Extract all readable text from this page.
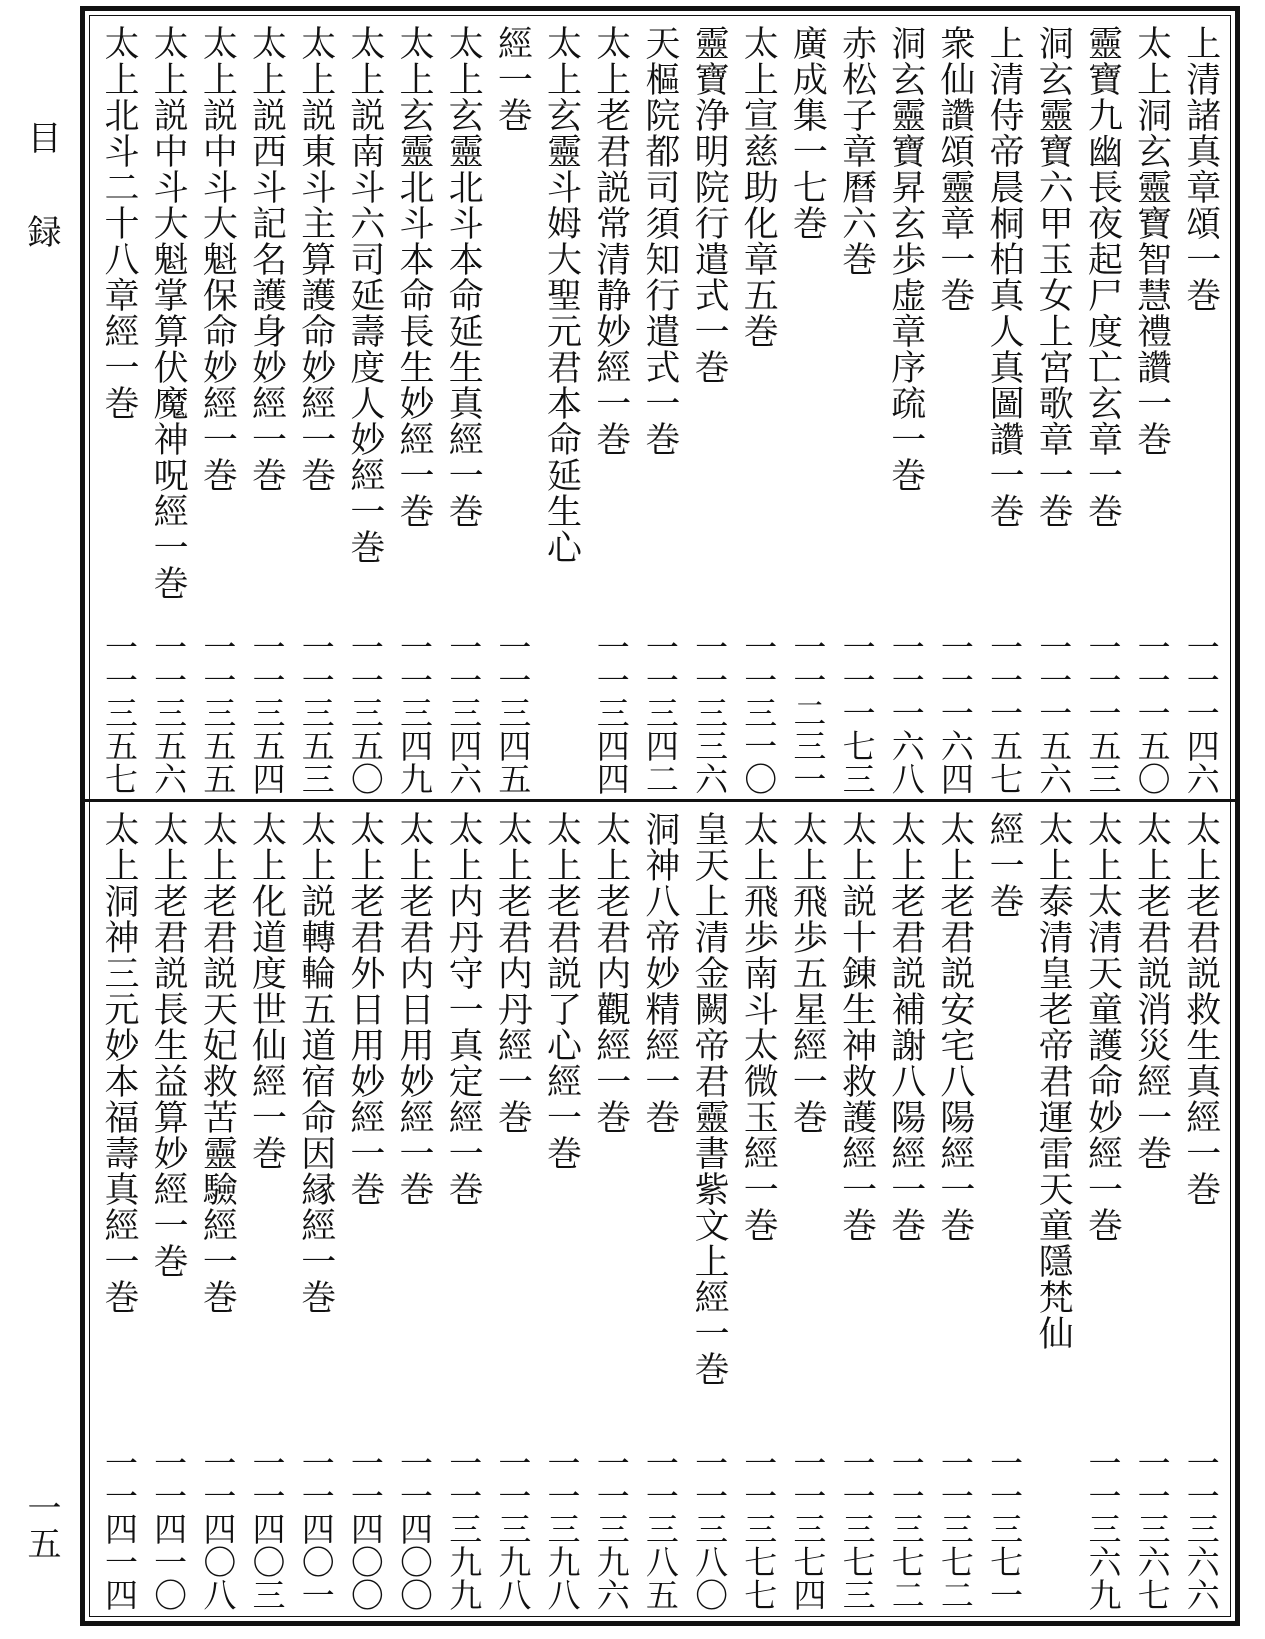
目録
一五
上清諸真章頌一巻
一一一四六
太上洞玄靈寶智慧禮讚一巻
一一一五〇
靈寶九幽長夜起尸度亡玄章一巻
一一一五三
洞玄靈寶六甲玉女上宮歌章一巻
一一一五六
上清侍帝晨桐柏真人真圖讚一巻
一一一五七
衆仙讚頌靈章一巻
一一一六四
洞玄靈寶昇玄歩虚章序疏一巻
一一一六八
赤松子章曆六巻
一一一七三
廣成集一七巻
一一二三一
太上宣慈助化章五巻
一一三一〇
靈寶浄明院行遣式一巻
一一三三六
天樞院都司須知行遣式一巻
一一三四二
太上老君説常清静妙經一巻
一一三四四
太上玄靈斗姆大聖元君本命延生心
經一巻
一一三四五
太上玄靈北斗本命延生真經一巻
一一三四六
太上玄靈北斗本命長生妙經一巻
一一三四九
太上説南斗六司延壽度人妙經一巻
一一三五〇
太上説東斗主算護命妙經一巻
一一三五三
太上説西斗記名護身妙經一巻
一一三五四
太上説中斗大魁保命妙經一巻
一一三五五
太上説中斗大魁掌算伏魔神呪經一巻
一一三五六
太上北斗二十八章經一巻
一一三五七
太上老君説救生真經一巻
一一三六六
太上老君説消災經一巻
一一三六七
太上太清天童護命妙經一巻
一一三六九
太上泰清皇老帝君運雷天童隱梵仙
經一巻
一一三七一
太上老君説安宅八陽經一巻
一一三七二
太上老君説補謝八陽經一巻
一一三七二
太上説十錬生神救護經一巻
一一三七三
太上飛歩五星經一巻
一一三七四
太上飛歩南斗太微玉經一巻
一一三七七
皇天上清金闕帝君靈書紫文上經一巻
一一三八〇
洞神八帝妙精經一巻
一一三八五
太上老君内觀經一巻
一一三九六
太上老君説了心經一巻
一一三九八
太上老君内丹經一巻
一一三九八
太上内丹守一真定經一巻
一一三九九
太上老君内日用妙經一巻
一一四〇〇
太上老君外日用妙經一巻
一一四〇〇
太上説轉輪五道宿命因縁經一巻
一一四〇一
太上化道度世仙經一巻
一一四〇三
太上老君説天妃救苦靈驗經一巻
一一四〇八
太上老君説長生益算妙經一巻
一一四一〇
太上洞神三元妙本福壽真經一巻
一一四一四
